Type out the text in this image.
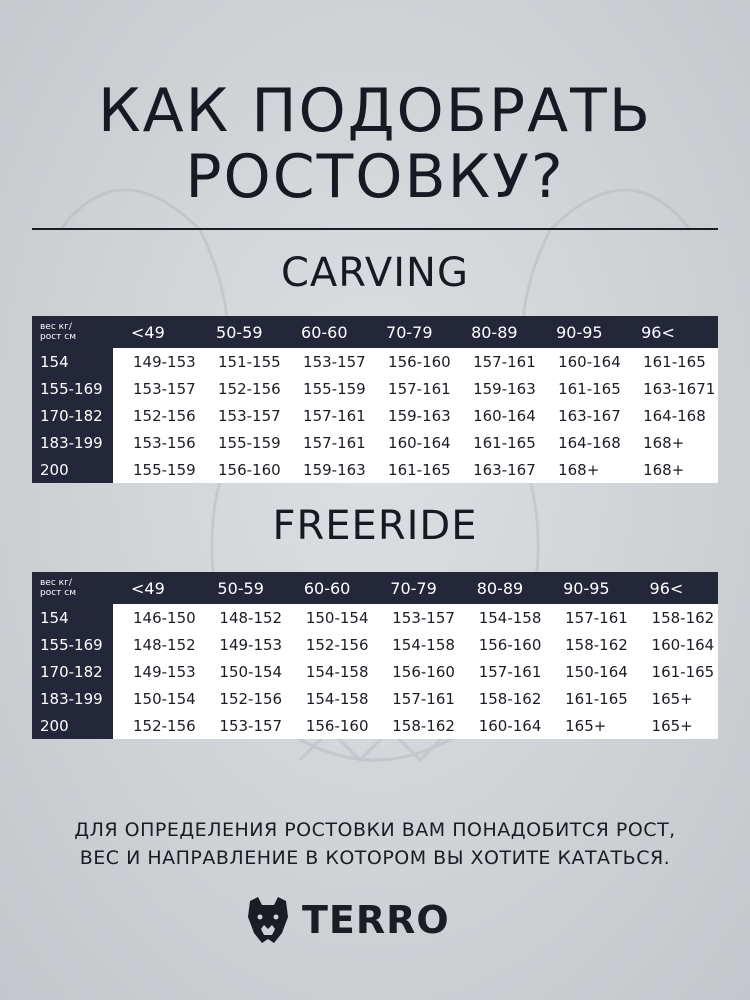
КАК ПОДОБРАТЬ
РОСТОВКУ?
CARVING
вес кг/
рост см	<49	50-59	60-60	70-79	80-89	90-95	96<
154	149-153	151-155	153-157	156-160	157-161	160-164	161-165
155-169	153-157	152-156	155-159	157-161	159-163	161-165	163-1671
170-182	152-156	153-157	157-161	159-163	160-164	163-167	164-168
183-199	153-156	155-159	157-161	160-164	161-165	164-168	168+
200	155-159	156-160	159-163	161-165	163-167	168+	168+
FREERIDE
вес кг/
рост см	<49	50-59	60-60	70-79	80-89	90-95	96<
154	146-150	148-152	150-154	153-157	154-158	157-161	158-162
155-169	148-152	149-153	152-156	154-158	156-160	158-162	160-164
170-182	149-153	150-154	154-158	156-160	157-161	150-164	161-165
183-199	150-154	152-156	154-158	157-161	158-162	161-165	165+
200	152-156	153-157	156-160	158-162	160-164	165+	165+
ДЛЯ ОПРЕДЕЛЕНИЯ РОСТОВКИ ВАМ ПОНАДОБИТСЯ РОСТ,
ВЕС И НАПРАВЛЕНИЕ В КОТОРОМ ВЫ ХОТИТЕ КАТАТЬСЯ.
TERRO
